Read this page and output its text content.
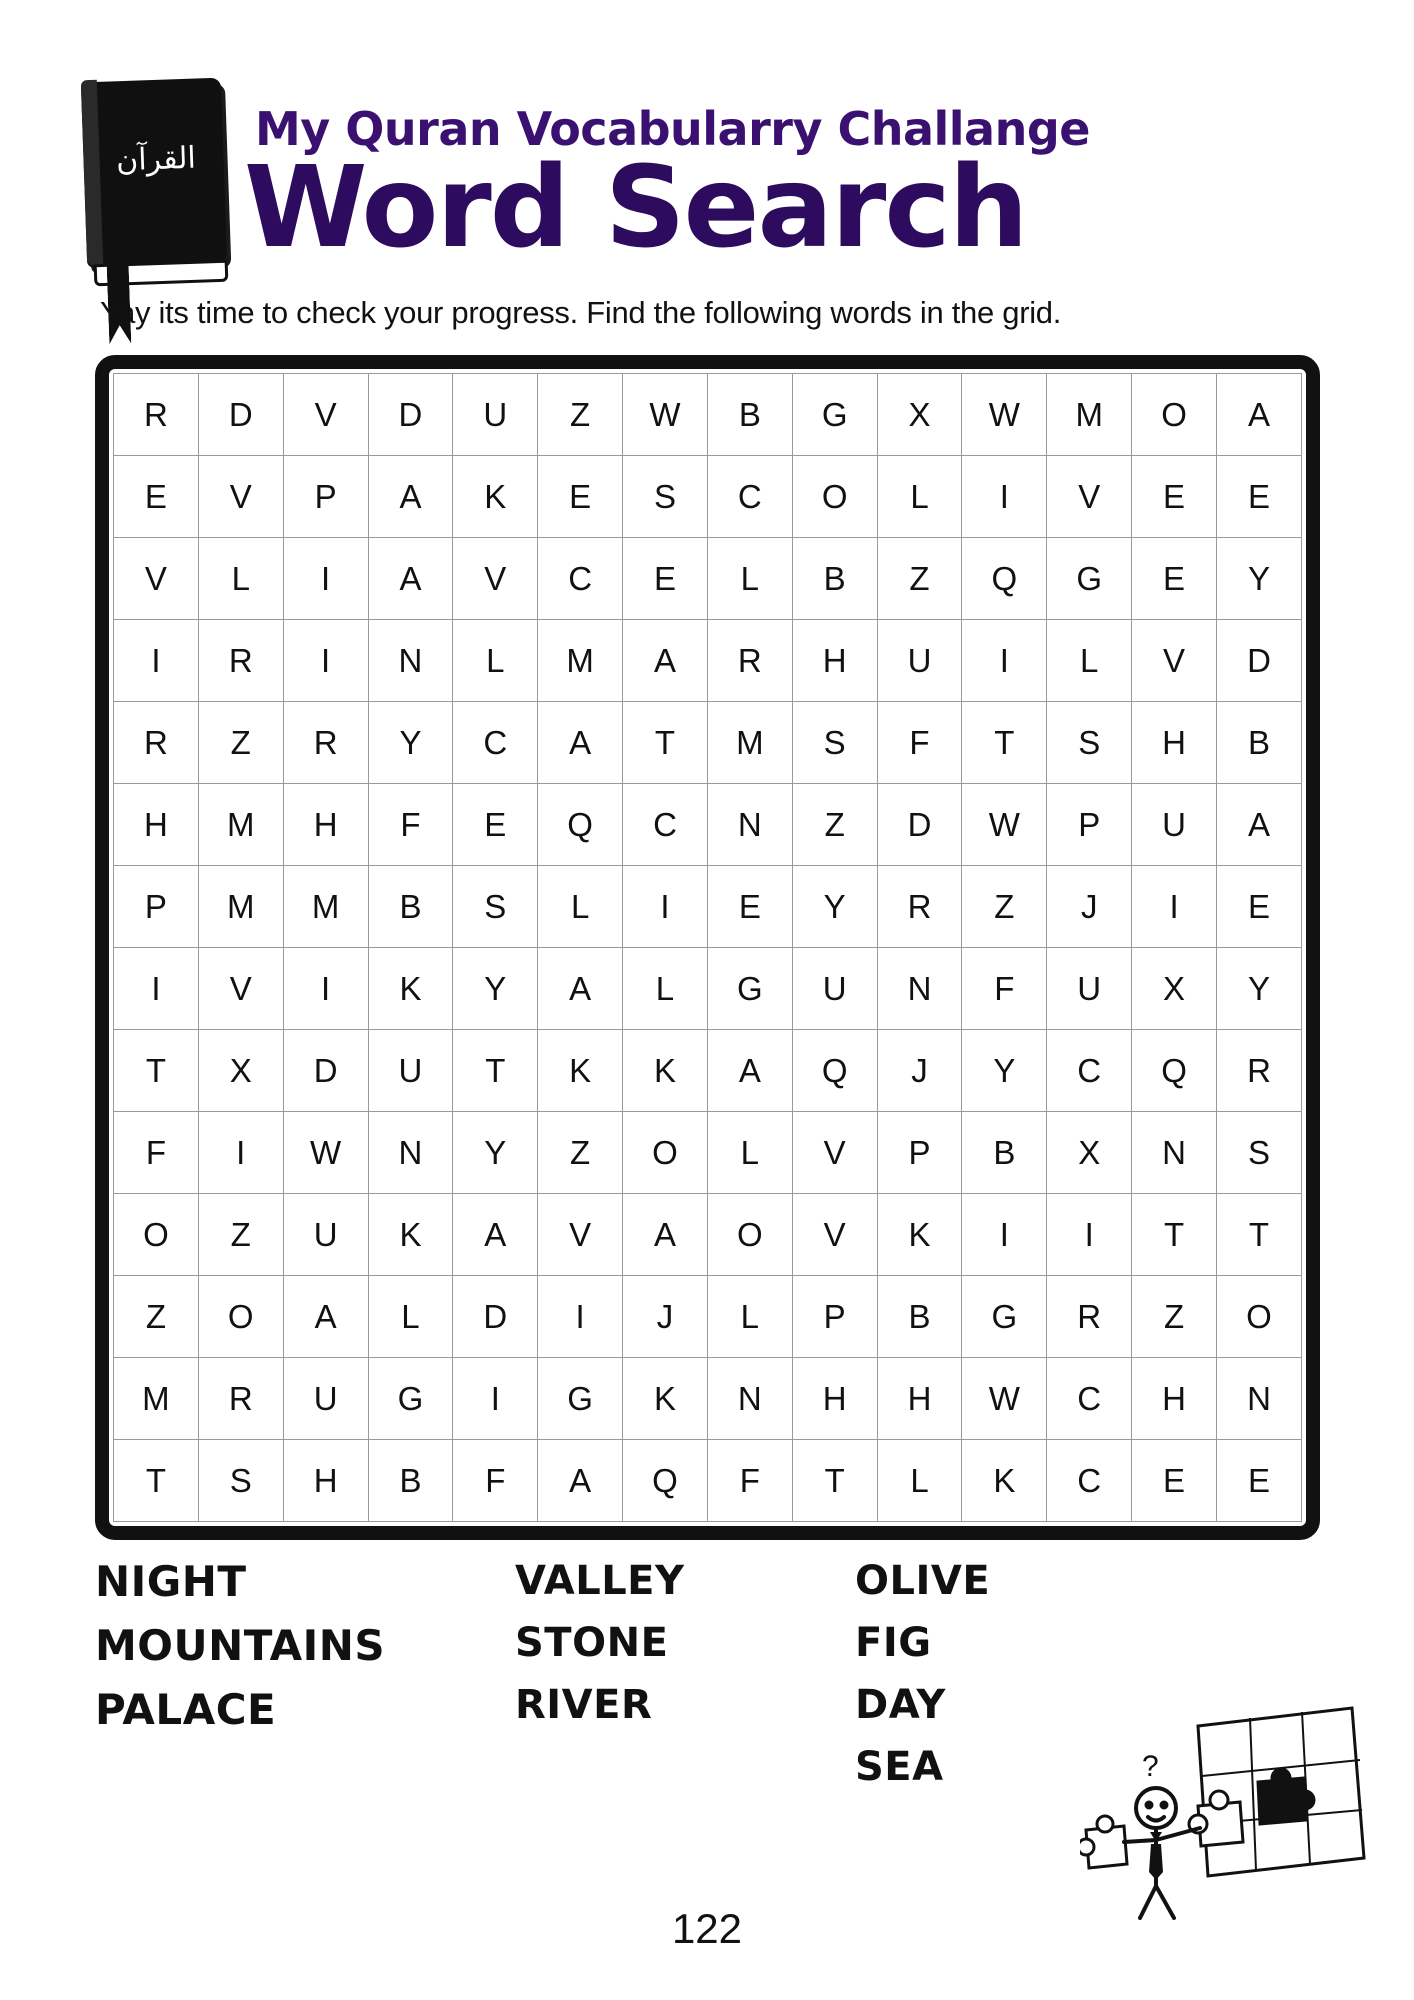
القرآن
My Quran Vocabularry Challange
Word Search
Yay its time to check your progress. Find the following words in the grid.
R	D	V	D	U	Z	W	B	G	X	W	M	O	A
E	V	P	A	K	E	S	C	O	L	I	V	E	E
V	L	I	A	V	C	E	L	B	Z	Q	G	E	Y
I	R	I	N	L	M	A	R	H	U	I	L	V	D
R	Z	R	Y	C	A	T	M	S	F	T	S	H	B
H	M	H	F	E	Q	C	N	Z	D	W	P	U	A
P	M	M	B	S	L	I	E	Y	R	Z	J	I	E
I	V	I	K	Y	A	L	G	U	N	F	U	X	Y
T	X	D	U	T	K	K	A	Q	J	Y	C	Q	R
F	I	W	N	Y	Z	O	L	V	P	B	X	N	S
O	Z	U	K	A	V	A	O	V	K	I	I	T	T
Z	O	A	L	D	I	J	L	P	B	G	R	Z	O
M	R	U	G	I	G	K	N	H	H	W	C	H	N
T	S	H	B	F	A	Q	F	T	L	K	C	E	E
NIGHT
MOUNTAINS
PALACE
VALLEY
STONE
RIVER
OLIVE
FIG
DAY
SEA	?
122
